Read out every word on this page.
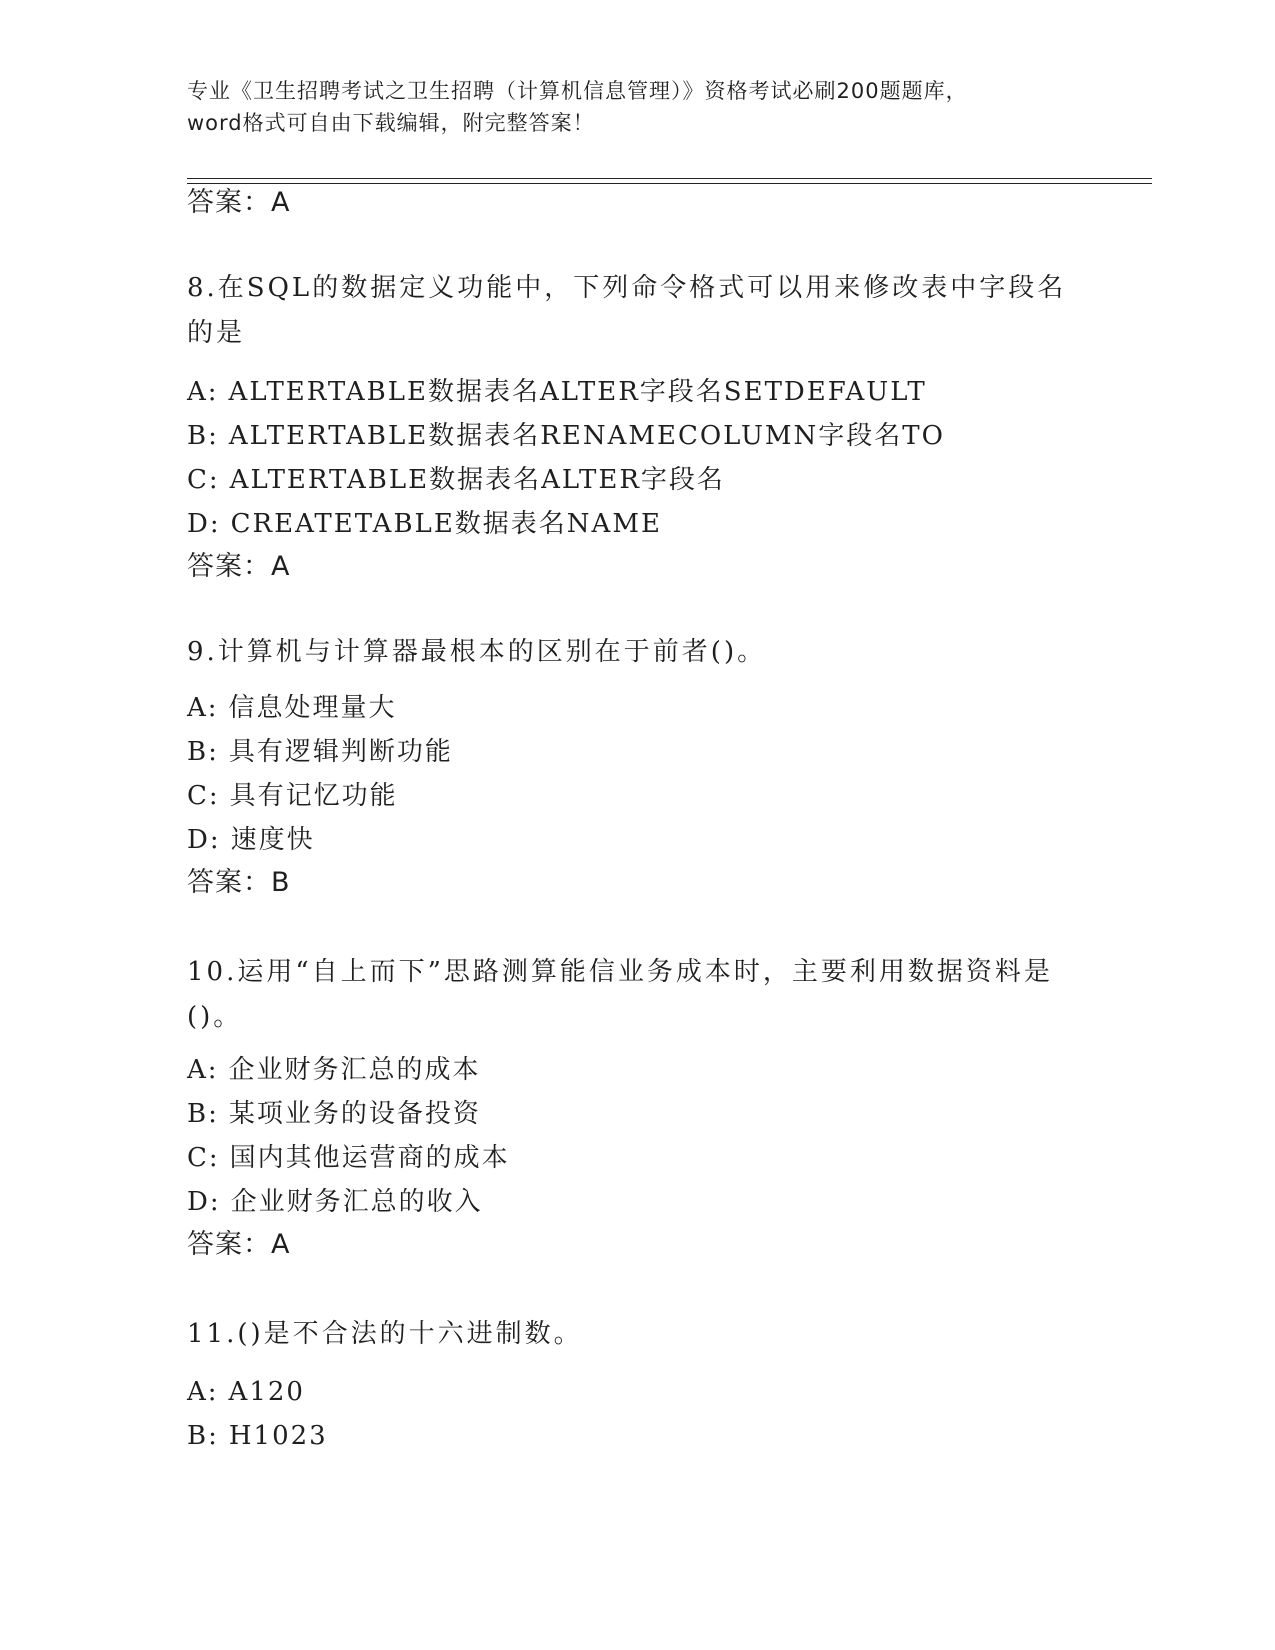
专业《卫生招聘考试之卫生招聘（计算机信息管理）》资格考试必刷200题题库，
word格式可自由下载编辑，附完整答案！
答案：A
8.在SQL的数据定义功能中，下列命令格式可以用来修改表中字段名
的是
A: ALTERTABLE数据表名ALTER字段名SETDEFAULT
B: ALTERTABLE数据表名RENAMECOLUMN字段名TO
C: ALTERTABLE数据表名ALTER字段名
D: CREATETABLE数据表名NAME
答案：A
9.计算机与计算器最根本的区别在于前者()。
A: 信息处理量大
B: 具有逻辑判断功能
C: 具有记忆功能
D: 速度快
答案：B
10.运用“自上而下”思路测算能信业务成本时，主要利用数据资料是
()。
A: 企业财务汇总的成本
B: 某项业务的设备投资
C: 国内其他运营商的成本
D: 企业财务汇总的收入
答案：A
11.()是不合法的十六进制数。
A: A120
B: H1023
